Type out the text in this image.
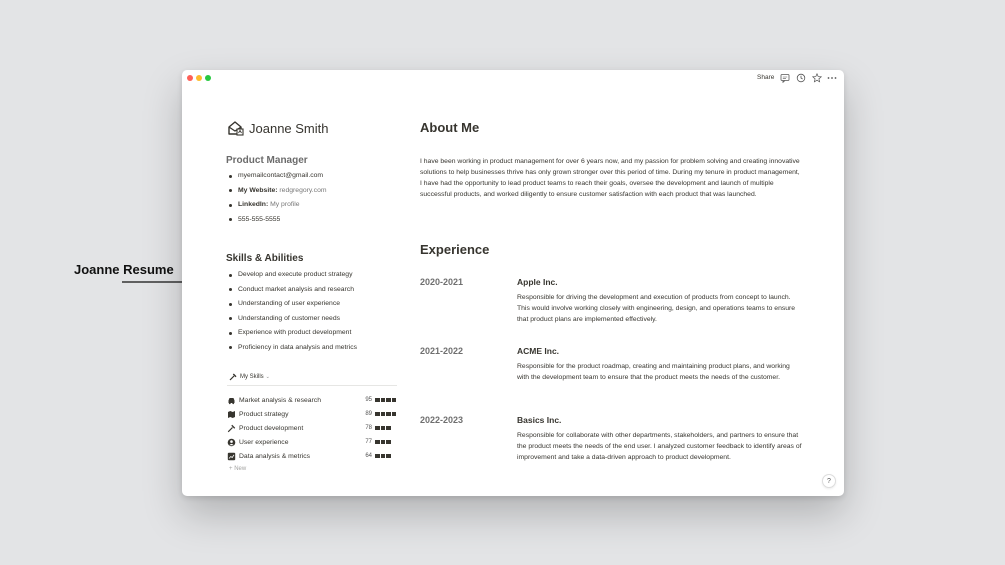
Joanne Resume
Share
Joanne Smith
Product Manager
myemailcontact@gmail.com
My Website: redgregory.com
LinkedIn: My profile
555-555-5555
Skills & Abilities
Develop and execute product strategy
Conduct market analysis and research
Understanding of user experience
Understanding of customer needs
Experience with product development
Proficiency in data analysis and metrics
My Skills ⌄
Market analysis & research	95
Product strategy	89
Product development	78
User experience	77
Data analysis & metrics	64
+ New
About Me
I have been working in product management for over 6 years now, and my passion for problem solving and creating innovative solutions to help businesses thrive has only grown stronger over this period of time. During my tenure in product management, I have had the opportunity to lead product teams to reach their goals, oversee the development and launch of multiple successful products, and worked diligently to ensure customer satisfaction with each product that was launched.
Experience
2020-2021	Apple Inc.
Responsible for driving the development and execution of products from concept to launch. This would involve working closely with engineering, design, and operations teams to ensure that product plans are implemented effectively.
2021-2022	ACME Inc.
Responsible for the product roadmap, creating and maintaining product plans, and working with the development team to ensure that the product meets the needs of the customer.
2022-2023	Basics Inc.
Responsible for collaborate with other departments, stakeholders, and partners to ensure that the product meets the needs of the end user. I analyzed customer feedback to identify areas of improvement and take a data-driven approach to product development.
?
